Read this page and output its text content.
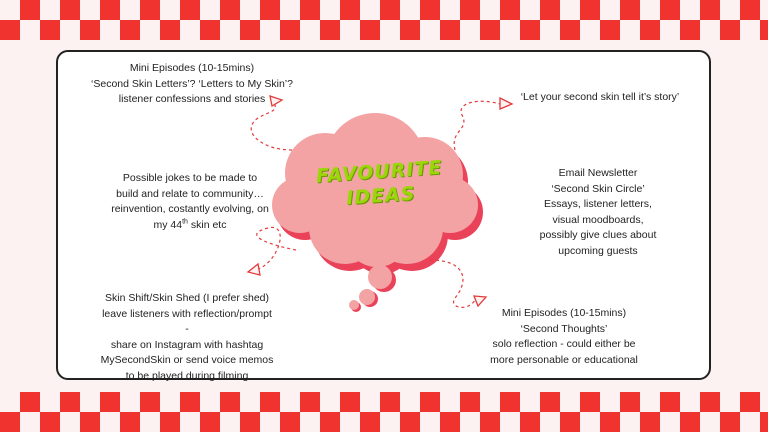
FAVOURITE
IDEAS
Mini Episodes (10-15mins)
‘Second Skin Letters’? ‘Letters to My Skin’?
listener confessions and stories	‘Let your second skin tell it’s story’
Possible jokes to be made to
build and relate to community…
reinvention, costantly evolving, on
my 44th skin etc
Email Newsletter
‘Second Skin Circle’
Essays, listener letters,
visual moodboards,
possibly give clues about
upcoming guests
Skin Shift/Skin Shed (I prefer shed)
leave listeners with reflection/prompt
-
share on Instagram with hashtag
MySecondSkin or send voice memos
to be played during filming
Mini Episodes (10-15mins)
‘Second Thoughts’
solo reflection - could either be
more personable or educational
